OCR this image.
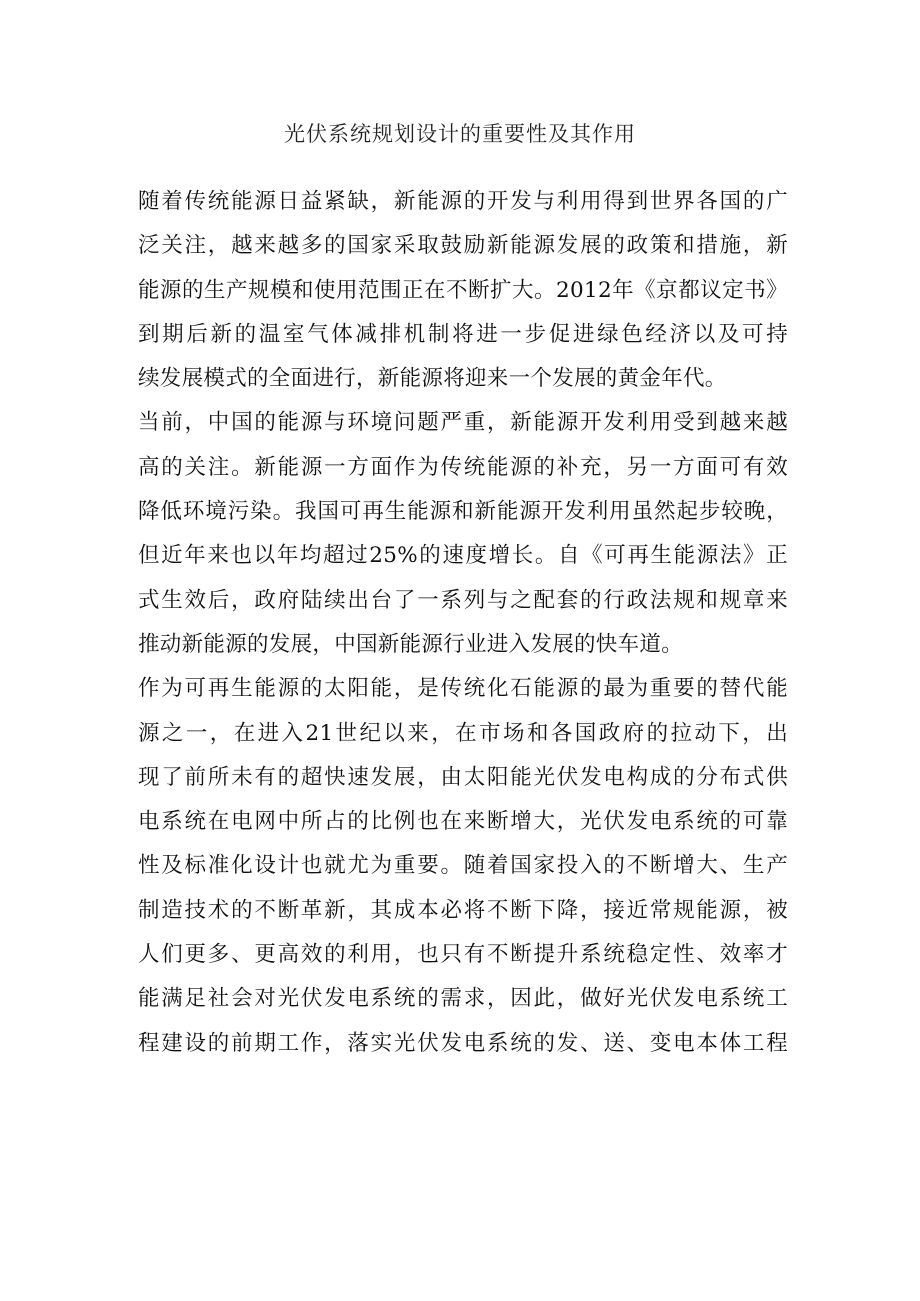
光伏系统规划设计的重要性及其作用
随着传统能源日益紧缺，新能源的开发与利用得到世界各国的广
泛关注，越来越多的国家采取鼓励新能源发展的政策和措施，新
能源的生产规模和使用范围正在不断扩大。2012年《京都议定书》
到期后新的温室气体减排机制将进一步促进绿色经济以及可持
续发展模式的全面进行，新能源将迎来一个发展的黄金年代。
当前，中国的能源与环境问题严重，新能源开发利用受到越来越
高的关注。新能源一方面作为传统能源的补充，另一方面可有效
降低环境污染。我国可再生能源和新能源开发利用虽然起步较晚，
但近年来也以年均超过25%的速度增长。自《可再生能源法》正
式生效后，政府陆续出台了一系列与之配套的行政法规和规章来
推动新能源的发展，中国新能源行业进入发展的快车道。
作为可再生能源的太阳能，是传统化石能源的最为重要的替代能
源之一，在进入21世纪以来，在市场和各国政府的拉动下，出
现了前所未有的超快速发展，由太阳能光伏发电构成的分布式供
电系统在电网中所占的比例也在来断增大，光伏发电系统的可靠
性及标准化设计也就尤为重要。随着国家投入的不断增大、生产
制造技术的不断革新，其成本必将不断下降，接近常规能源，被
人们更多、更高效的利用，也只有不断提升系统稳定性、效率才
能满足社会对光伏发电系统的需求，因此，做好光伏发电系统工
程建设的前期工作，落实光伏发电系统的发、送、变电本体工程
